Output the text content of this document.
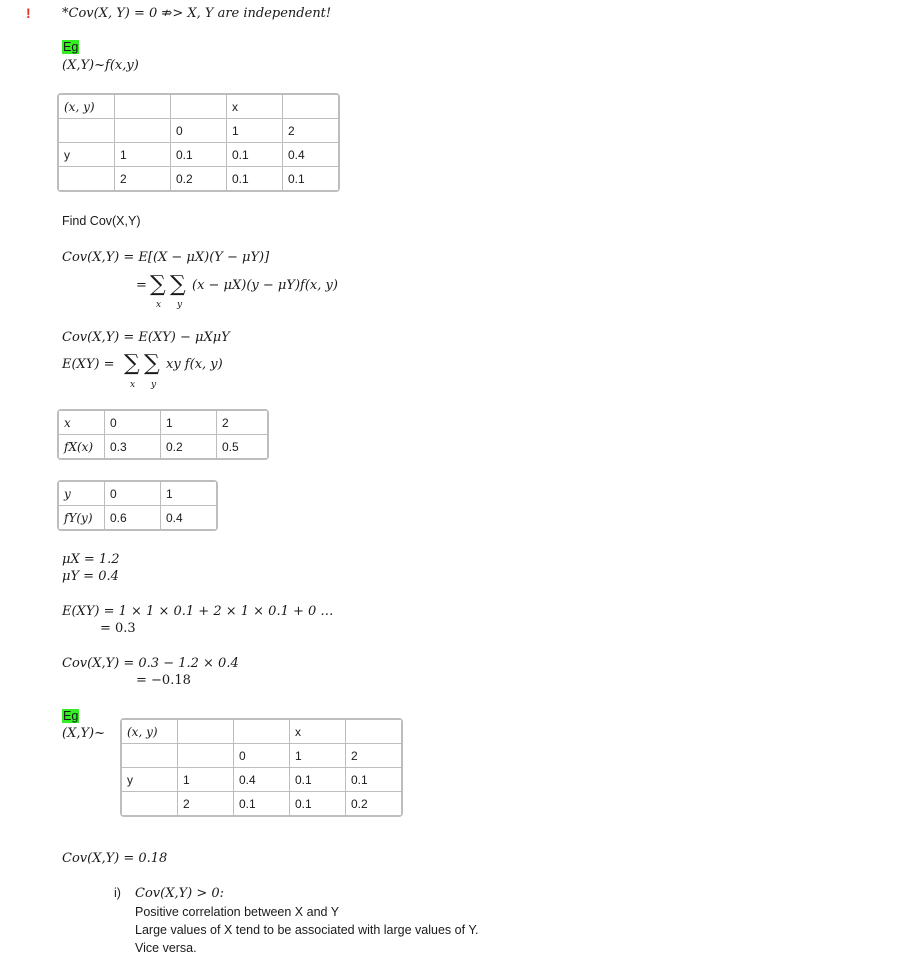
! *Cov(X, Y) = 0 ⇏> X, Y are independent!
Eg
(X,Y)~f(x,y)
(x, y)			x	
		0	1	2
y	1	0.1	0.1	0.4
	2	0.2	0.1	0.1
Find Cov(X,Y)
Cov(X,Y) = E[(X − μX)(Y − μY)]
= ∑ ∑
x y
(x − μX)(y − μY)f(x, y)
Cov(X,Y) = E(XY) − μXμY
E(XY) = ∑ ∑
x y
xy f(x, y)
x	0	1	2
fX(x)	0.3	0.2	0.5
y	0	1
fY(y)	0.6	0.4
μX = 1.2
μY = 0.4
E(XY) = 1 × 1 × 0.1 + 2 × 1 × 0.1 + 0 …
= 0.3
Cov(X,Y) = 0.3 − 1.2 × 0.4
= −0.18
Eg
(X,Y)~ (x, y)			x	
		0	1	2
y	1	0.4	0.1	0.1
	2	0.1	0.1	0.2
Cov(X,Y) = 0.18
i) Cov(X,Y) > 0:
Positive correlation between X and Y
Large values of X tend to be associated with large values of Y.
Vice versa.
